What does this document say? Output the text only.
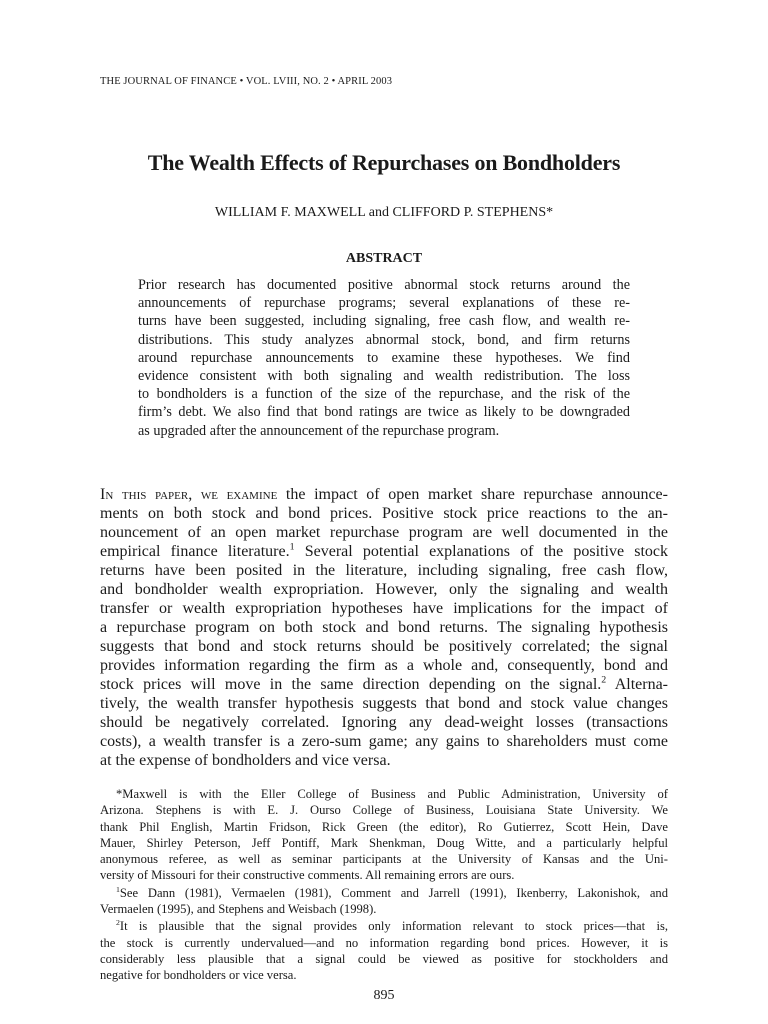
THE JOURNAL OF FINANCE • VOL. LVIII, NO. 2 • APRIL 2003
The Wealth Effects of Repurchases on Bondholders
WILLIAM F. MAXWELL and CLIFFORD P. STEPHENS*
ABSTRACT
Prior research has documented positive abnormal stock returns around the
announcements of repurchase programs; several explanations of these re-
turns have been suggested, including signaling, free cash flow, and wealth re-
distributions. This study analyzes abnormal stock, bond, and firm returns
around repurchase announcements to examine these hypotheses. We find
evidence consistent with both signaling and wealth redistribution. The loss
to bondholders is a function of the size of the repurchase, and the risk of the
firm’s debt. We also find that bond ratings are twice as likely to be downgraded
as upgraded after the announcement of the repurchase program.
In this paper, we examine the impact of open market share repurchase announce-
ments on both stock and bond prices. Positive stock price reactions to the an-
nouncement of an open market repurchase program are well documented in the
empirical finance literature.$^1$ Several potential explanations of the positive stock
returns have been posited in the literature, including signaling, free cash flow,
and bondholder wealth expropriation. However, only the signaling and wealth
transfer or wealth expropriation hypotheses have implications for the impact of
a repurchase program on both stock and bond returns. The signaling hypothesis
suggests that bond and stock returns should be positively correlated; the signal
provides information regarding the firm as a whole and, consequently, bond and
stock prices will move in the same direction depending on the signal.$^2$ Alterna-
tively, the wealth transfer hypothesis suggests that bond and stock value changes
should be negatively correlated. Ignoring any dead-weight losses (transactions
costs), a wealth transfer is a zero-sum game; any gains to shareholders must come
at the expense of bondholders and vice versa.
*Maxwell is with the Eller College of Business and Public Administration, University of
Arizona. Stephens is with E. J. Ourso College of Business, Louisiana State University. We
thank Phil English, Martin Fridson, Rick Green (the editor), Ro Gutierrez, Scott Hein, Dave
Mauer, Shirley Peterson, Jeff Pontiff, Mark Shenkman, Doug Witte, and a particularly helpful
anonymous referee, as well as seminar participants at the University of Kansas and the Uni-
versity of Missouri for their constructive comments. All remaining errors are ours.
$^1$See Dann (1981), Vermaelen (1981), Comment and Jarrell (1991), Ikenberry, Lakonishok, and
Vermaelen (1995), and Stephens and Weisbach (1998).
$^2$It is plausible that the signal provides only information relevant to stock prices—that is,
the stock is currently undervalued—and no information regarding bond prices. However, it is
considerably less plausible that a signal could be viewed as positive for stockholders and
negative for bondholders or vice versa.
895
